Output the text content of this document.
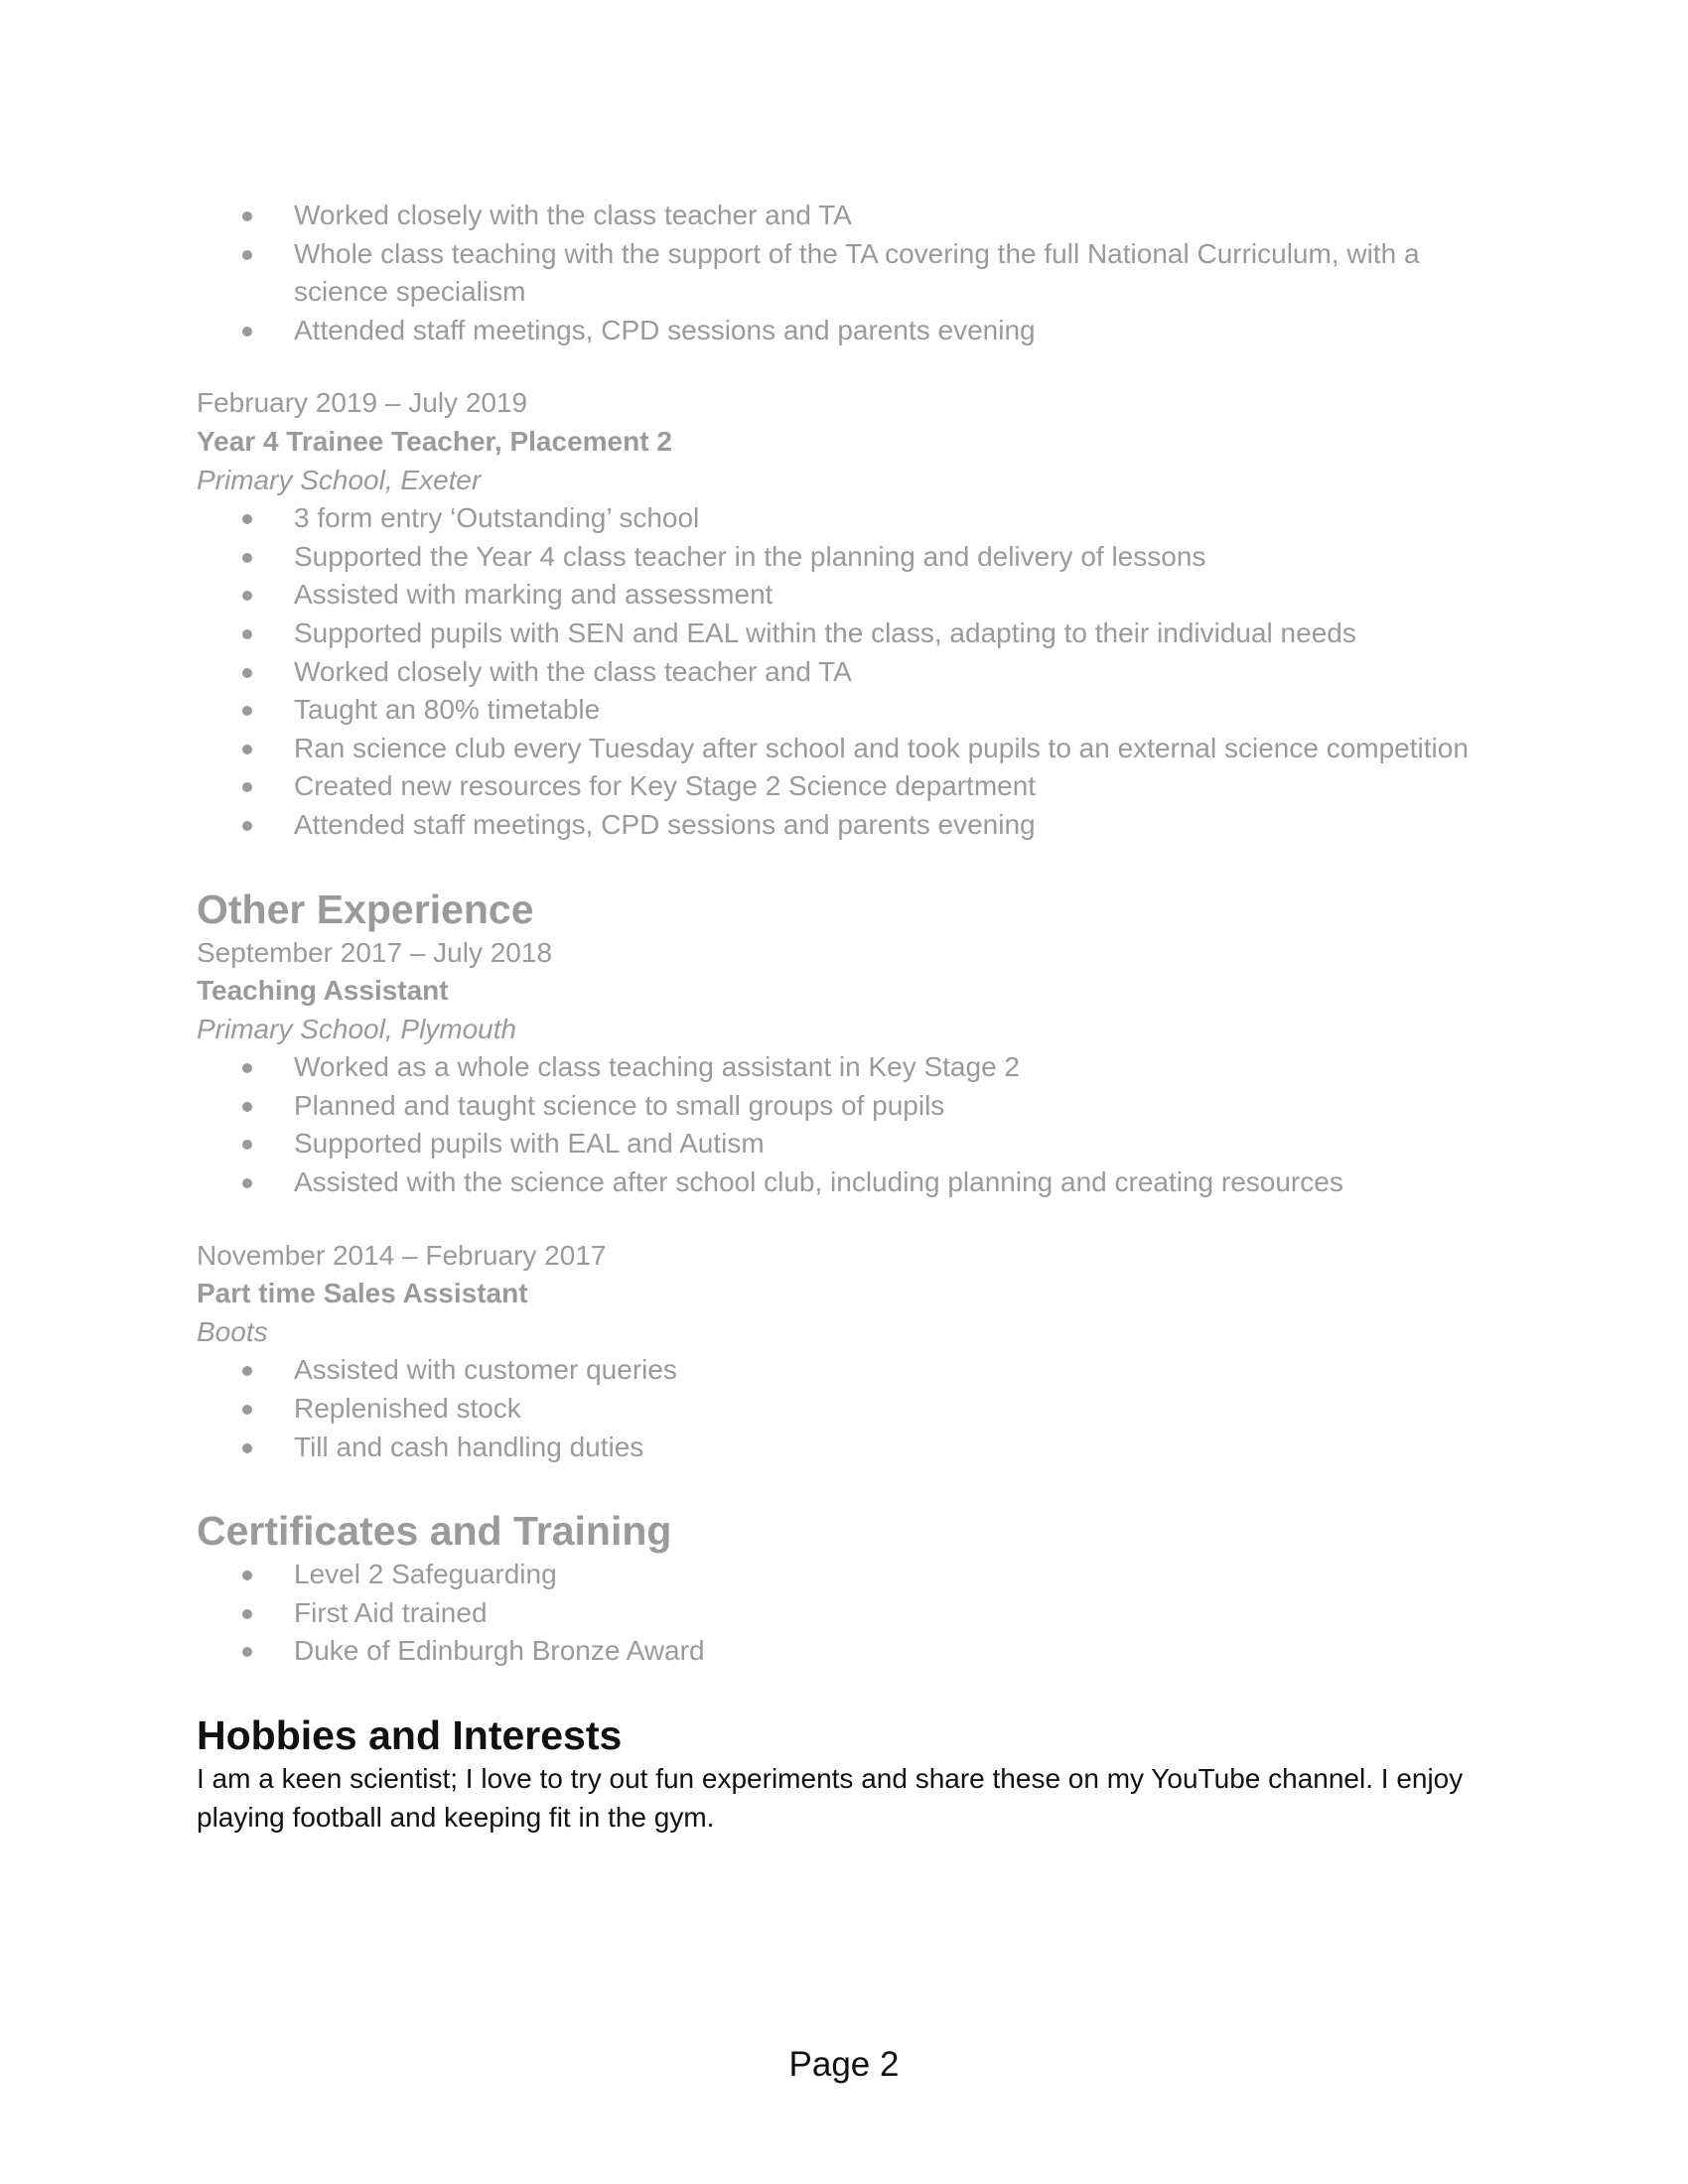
Worked closely with the class teacher and TA
Whole class teaching with the support of the TA covering the full National Curriculum, with a science specialism
Attended staff meetings, CPD sessions and parents evening

February 2019 – July 2019

Year 4 Trainee Teacher, Placement 2

Primary School, Exeter

3 form entry ‘Outstanding’ school
Supported the Year 4 class teacher in the planning and delivery of lessons
Assisted with marking and assessment
Supported pupils with SEN and EAL within the class, adapting to their individual needs
Worked closely with the class teacher and TA
Taught an 80% timetable
Ran science club every Tuesday after school and took pupils to an external science competition
Created new resources for Key Stage 2 Science department
Attended staff meetings, CPD sessions and parents evening
Other Experience

September 2017 – July 2018

Teaching Assistant

Primary School, Plymouth

Worked as a whole class teaching assistant in Key Stage 2
Planned and taught science to small groups of pupils
Supported pupils with EAL and Autism
Assisted with the science after school club, including planning and creating resources

November 2014 – February 2017

Part time Sales Assistant

Boots

Assisted with customer queries
Replenished stock
Till and cash handling duties
Certificates and Training
Level 2 Safeguarding
First Aid trained
Duke of Edinburgh Bronze Award
Hobbies and Interests

I am a keen scientist; I love to try out fun experiments and share these on my YouTube channel. I enjoy playing football and keeping fit in the gym.

Page 2
